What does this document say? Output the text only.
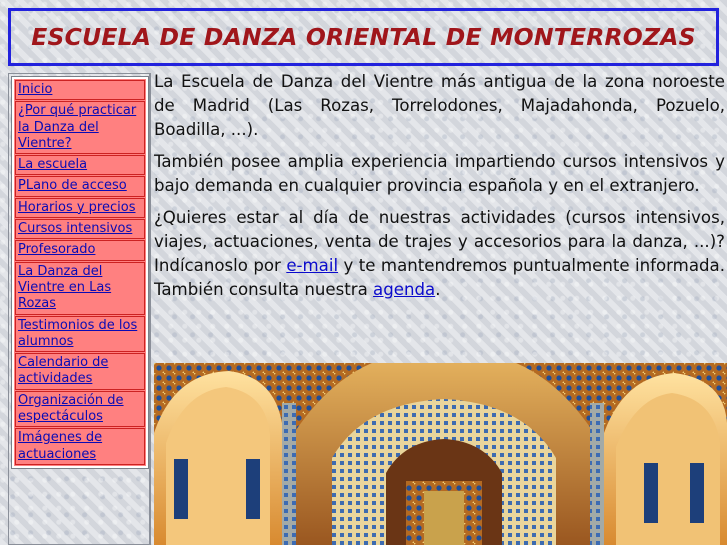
ESCUELA DE DANZA ORIENTAL DE MONTERROZAS
Inicio
¿Por qué practicar la Danza del Vientre?
La escuela
PLano de acceso
Horarios y precios
Cursos intensivos
Profesorado
La Danza del Vientre en Las Rozas
Testimonios de los alumnos
Calendario de actividades
Organización de espectáculos
Imágenes de actuaciones

La Escuela de Danza del Vientre más antigua de la zona noroeste de Madrid (Las Rozas, Torrelodones, Majadahonda, Pozuelo, Boadilla, ...).

También posee amplia experiencia impartiendo cursos intensivos y bajo demanda en cualquier provincia española y en el extranjero.

¿Quieres estar al día de nuestras actividades (cursos intensivos, viajes, actuaciones, venta de trajes y accesorios para la danza, ...)? Indícanoslo por e-mail y te mantendremos puntualmente informada. También consulta nuestra agenda.
